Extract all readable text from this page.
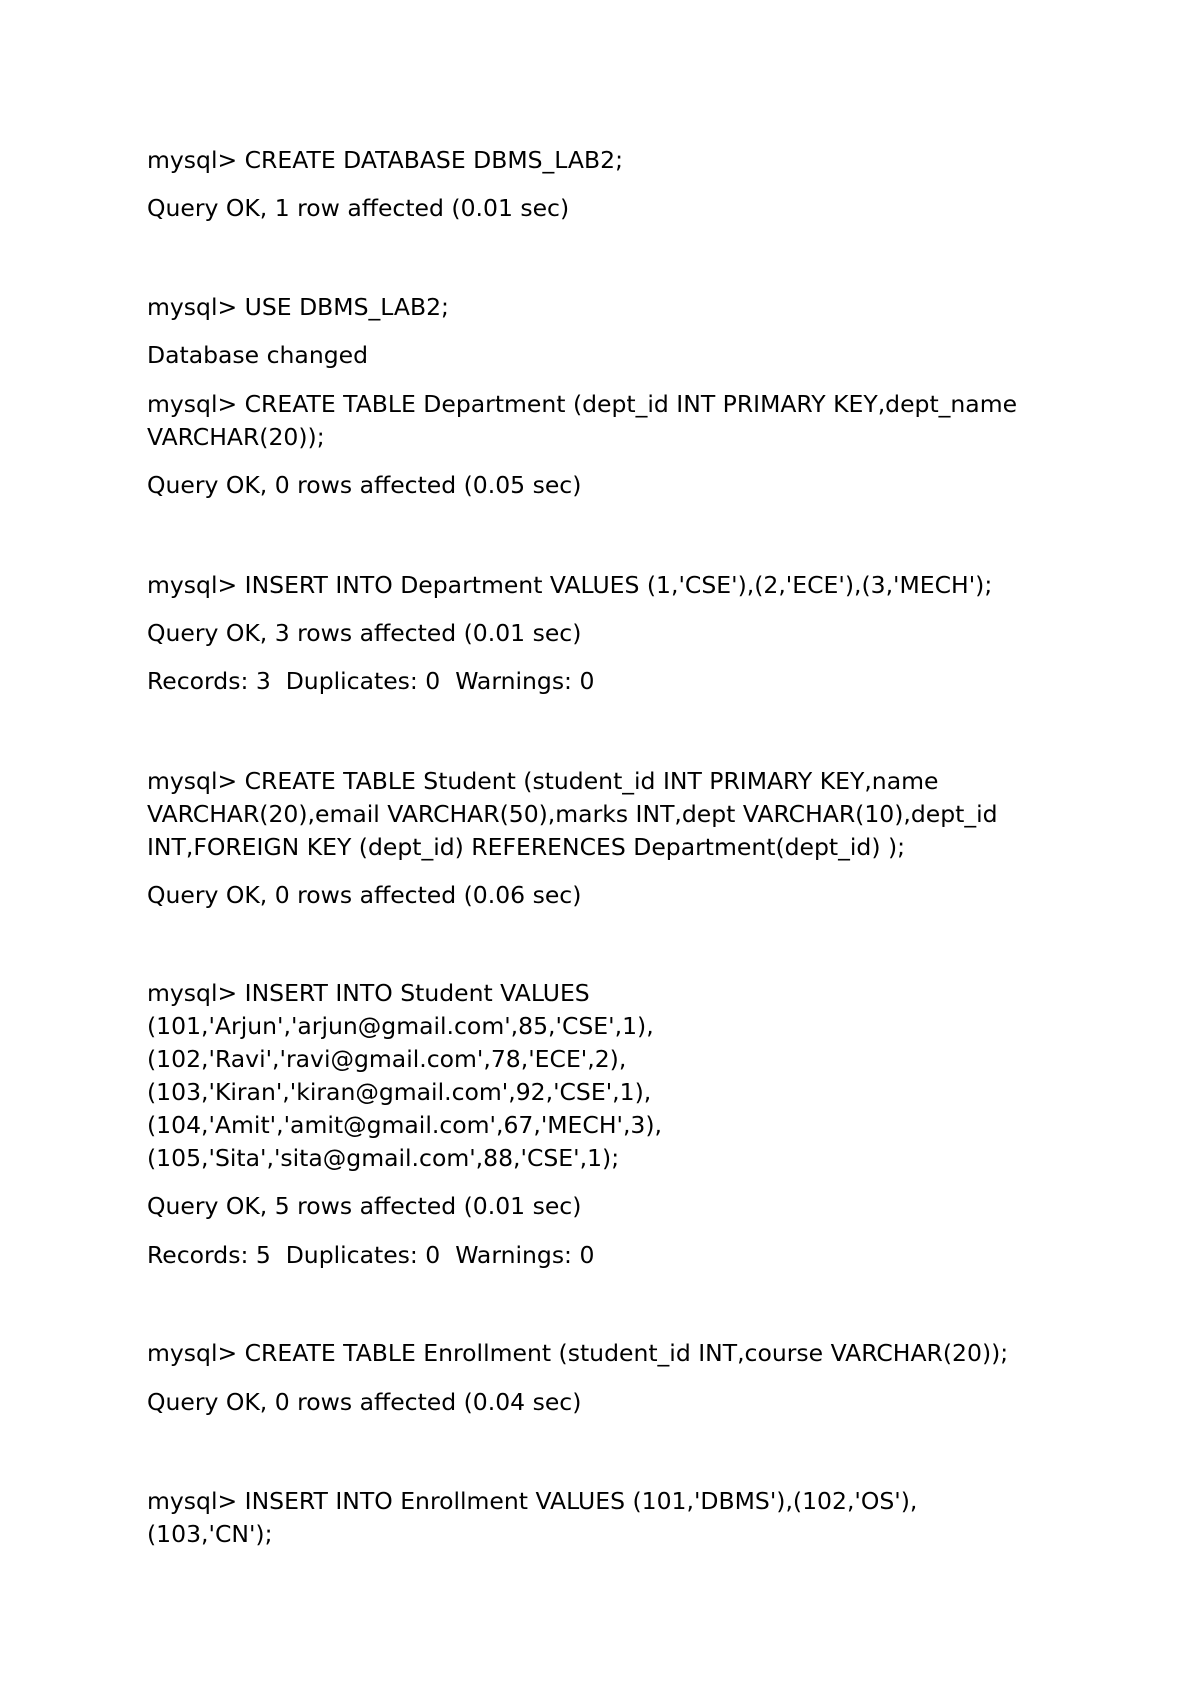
mysql> CREATE DATABASE DBMS_LAB2;
Query OK, 1 row affected (0.01 sec)
mysql> USE DBMS_LAB2;
Database changed
mysql> CREATE TABLE Department (dept_id INT PRIMARY KEY,dept_name
VARCHAR(20));
Query OK, 0 rows affected (0.05 sec)
mysql> INSERT INTO Department VALUES (1,'CSE'),(2,'ECE'),(3,'MECH');
Query OK, 3 rows affected (0.01 sec)
Records: 3  Duplicates: 0  Warnings: 0
mysql> CREATE TABLE Student (student_id INT PRIMARY KEY,name
VARCHAR(20),email VARCHAR(50),marks INT,dept VARCHAR(10),dept_id
INT,FOREIGN KEY (dept_id) REFERENCES Department(dept_id) );
Query OK, 0 rows affected (0.06 sec)
mysql> INSERT INTO Student VALUES
(101,'Arjun','arjun@gmail.com',85,'CSE',1),
(102,'Ravi','ravi@gmail.com',78,'ECE',2),
(103,'Kiran','kiran@gmail.com',92,'CSE',1),
(104,'Amit','amit@gmail.com',67,'MECH',3),
(105,'Sita','sita@gmail.com',88,'CSE',1);
Query OK, 5 rows affected (0.01 sec)
Records: 5  Duplicates: 0  Warnings: 0
mysql> CREATE TABLE Enrollment (student_id INT,course VARCHAR(20));
Query OK, 0 rows affected (0.04 sec)
mysql> INSERT INTO Enrollment VALUES (101,'DBMS'),(102,'OS'),
(103,'CN');
